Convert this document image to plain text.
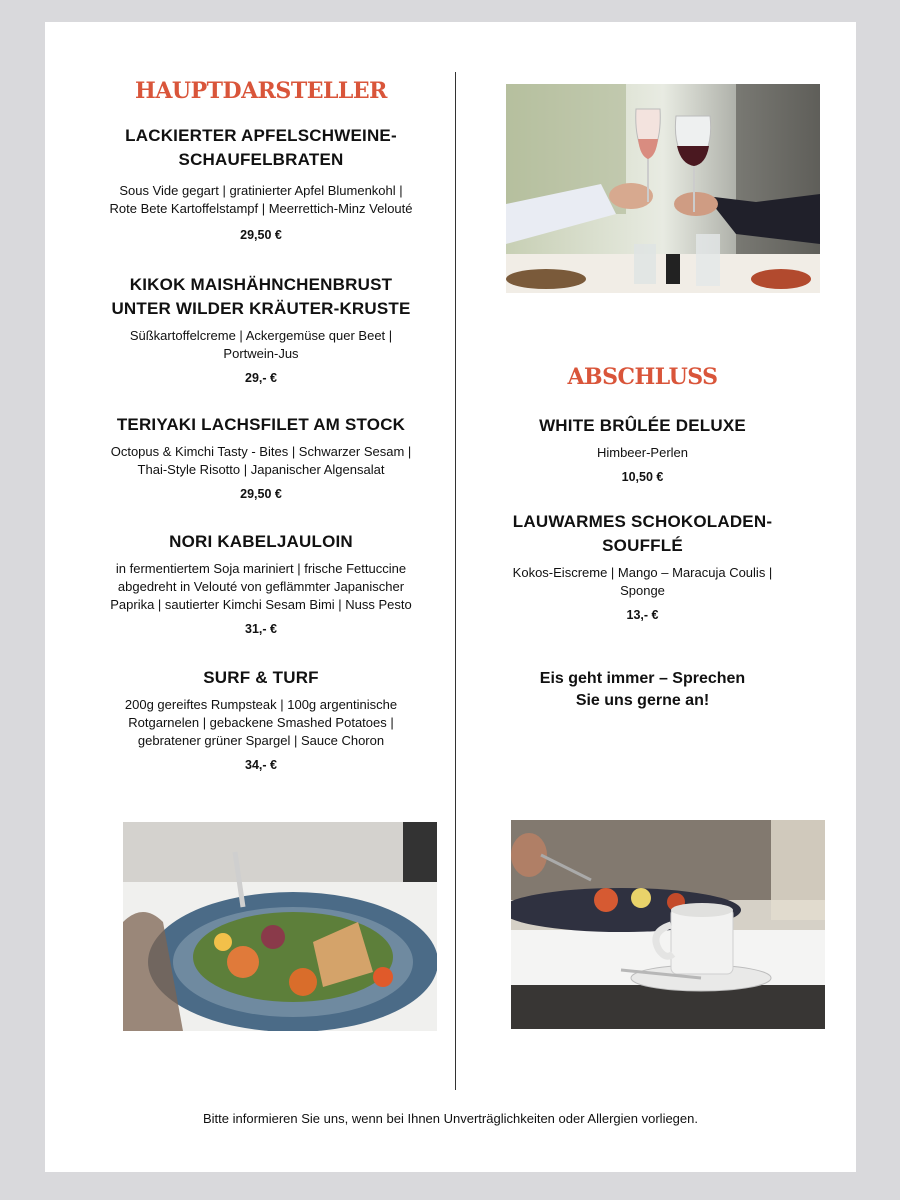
HAUPTDARSTELLER
LACKIERTER APFELSCHWEINE-
SCHAUFELBRATEN
Sous Vide gegart | gratinierter Apfel Blumenkohl |
Rote Bete Kartoffelstampf | Meerrettich-Minz Velouté
29,50 €
KIKOK MAISHÄHNCHENBRUST
UNTER WILDER KRÄUTER-KRUSTE
Süßkartoffelcreme | Ackergemüse quer Beet |
Portwein-Jus
29,- €
TERIYAKI LACHSFILET AM STOCK
Octopus & Kimchi Tasty - Bites | Schwarzer Sesam |
Thai-Style Risotto | Japanischer Algensalat
29,50 €
NORI KABELJAULOIN
in fermentiertem Soja mariniert | frische Fettuccine
abgedreht in Velouté von geflämmter Japanischer
Paprika | sautierter Kimchi Sesam Bimi | Nuss Pesto
31,- €
SURF & TURF
200g gereiftes Rumpsteak | 100g argentinische
Rotgarnelen | gebackene Smashed Potatoes |
gebratener grüner Spargel | Sauce Choron
34,- €
ABSCHLUSS
WHITE BRÛLÉE DELUXE
Himbeer-Perlen
10,50 €
LAUWARMES SCHOKOLADEN-
SOUFFLÉ
Kokos-Eiscreme | Mango – Maracuja Coulis |
Sponge
13,- €
Eis geht immer – Sprechen
Sie uns gerne an!
Bitte informieren Sie uns, wenn bei Ihnen Unverträglichkeiten oder Allergien vorliegen.
